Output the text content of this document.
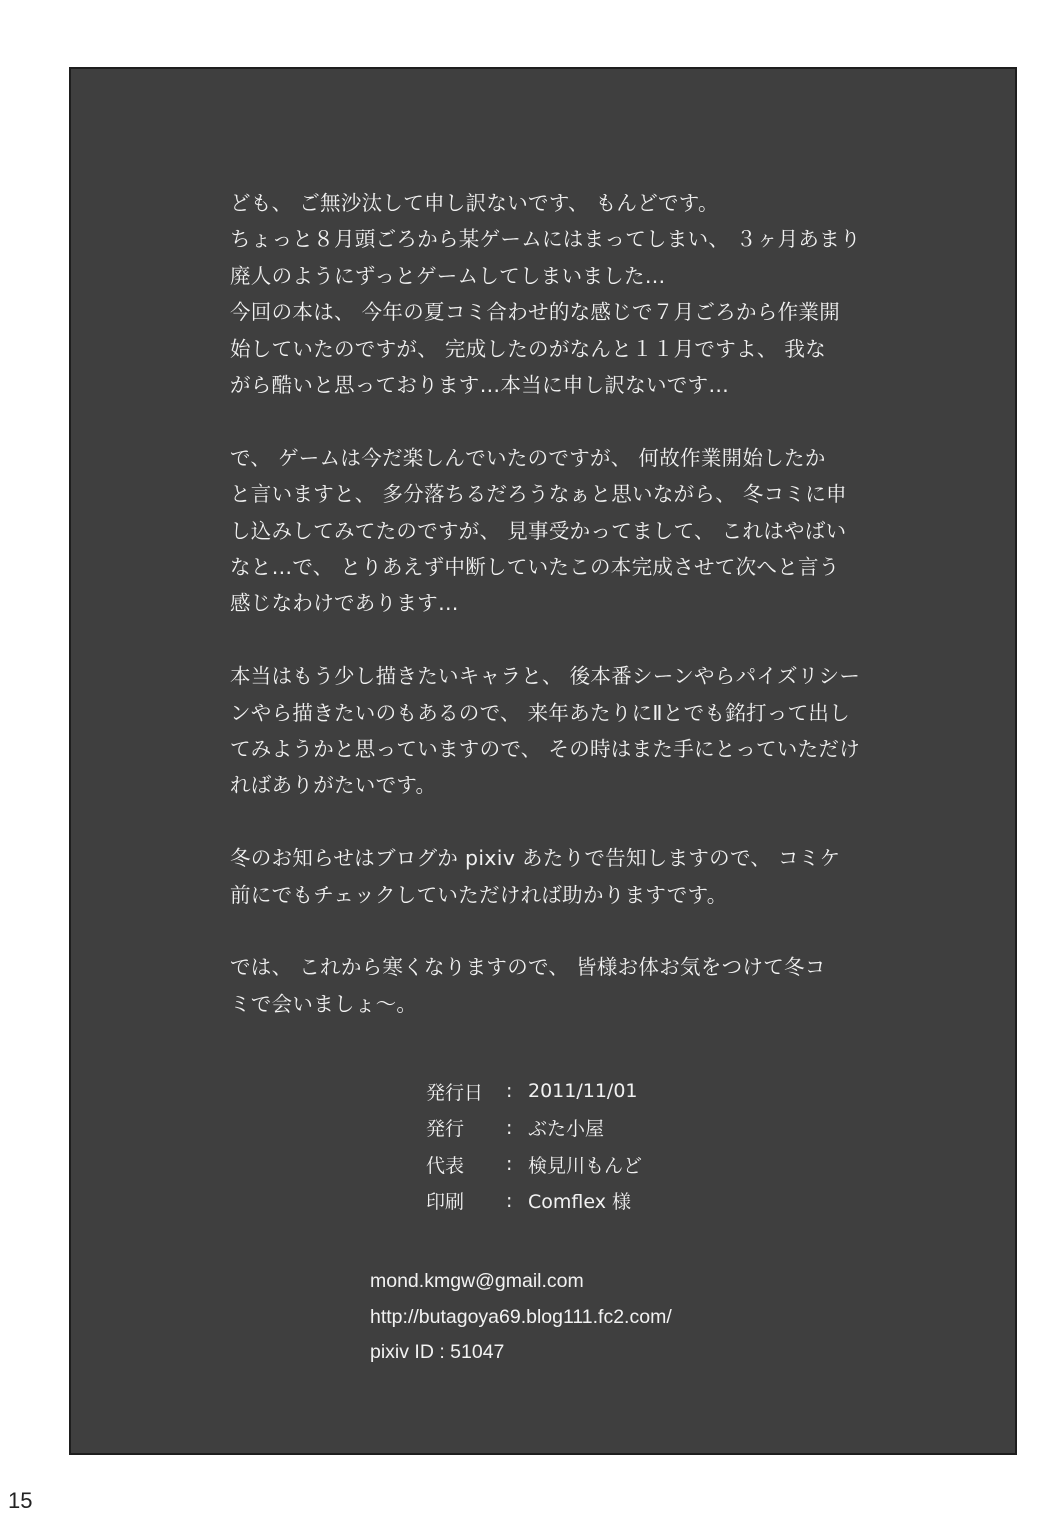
ども、 ご無沙汰して申し訳ないです、 もんどです。
ちょっと８月頭ごろから某ゲームにはまってしまい、 ３ヶ月あまり
廃人のようにずっとゲームしてしまいました…
今回の本は、 今年の夏コミ合わせ的な感じで７月ごろから作業開
始していたのですが、 完成したのがなんと１１月ですよ、 我な
がら酷いと思っております…本当に申し訳ないです…

で、 ゲームは今だ楽しんでいたのですが、 何故作業開始したか
と言いますと、 多分落ちるだろうなぁと思いながら、 冬コミに申
し込みしてみてたのですが、 見事受かってまして、 これはやばい
なと…で、 とりあえず中断していたこの本完成させて次へと言う
感じなわけであります…

本当はもう少し描きたいキャラと、 後本番シーンやらパイズリシー
ンやら描きたいのもあるので、 来年あたりにⅡとでも銘打って出し
てみようかと思っていますので、 その時はまた手にとっていただけ
ればありがたいです。

冬のお知らせはブログか pixiv あたりで告知しますので、 コミケ
前にでもチェックしていただければ助かりますです。

では、 これから寒くなりますので、 皆様お体お気をつけて冬コ
ミで会いましょ～。

発行日	: 2011/11/01
発行	: ぶた小屋
代表	: 検見川もんど
印刷	: Comflex 様
mond.kmgw@gmail.com
http://butagoya69.blog111.fc2.com/
pixiv ID : 51047
15
